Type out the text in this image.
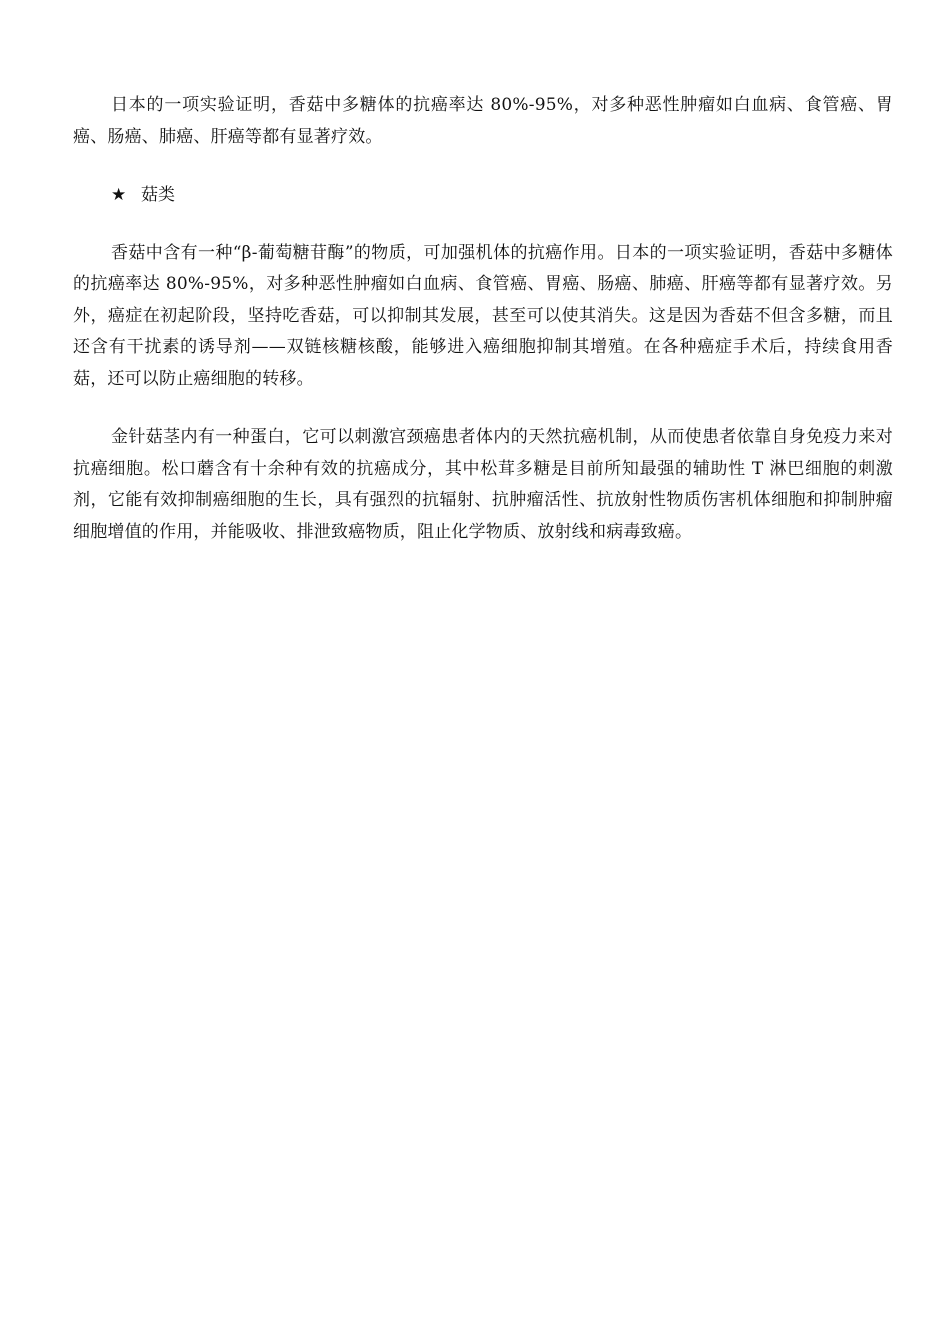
日本的一项实验证明，香菇中多糖体的抗癌率达 80%-95%，对多种恶性肿瘤如白血病、食管癌、胃癌、肠癌、肺癌、肝癌等都有显著疗效。

★ 菇类

香菇中含有一种“β-葡萄糖苷酶”的物质，可加强机体的抗癌作用。日本的一项实验证明，香菇中多糖体的抗癌率达 80%-95%，对多种恶性肿瘤如白血病、食管癌、胃癌、肠癌、肺癌、肝癌等都有显著疗效。另外，癌症在初起阶段，坚持吃香菇，可以抑制其发展，甚至可以使其消失。这是因为香菇不但含多糖，而且还含有干扰素的诱导剂——双链核糖核酸，能够进入癌细胞抑制其增殖。在各种癌症手术后，持续食用香菇，还可以防止癌细胞的转移。

金针菇茎内有一种蛋白，它可以刺激宫颈癌患者体内的天然抗癌机制，从而使患者依靠自身免疫力来对抗癌细胞。松口蘑含有十余种有效的抗癌成分，其中松茸多糖是目前所知最强的辅助性 T 淋巴细胞的刺激剂，它能有效抑制癌细胞的生长，具有强烈的抗辐射、抗肿瘤活性、抗放射性物质伤害机体细胞和抑制肿瘤细胞增值的作用，并能吸收、排泄致癌物质，阻止化学物质、放射线和病毒致癌。
